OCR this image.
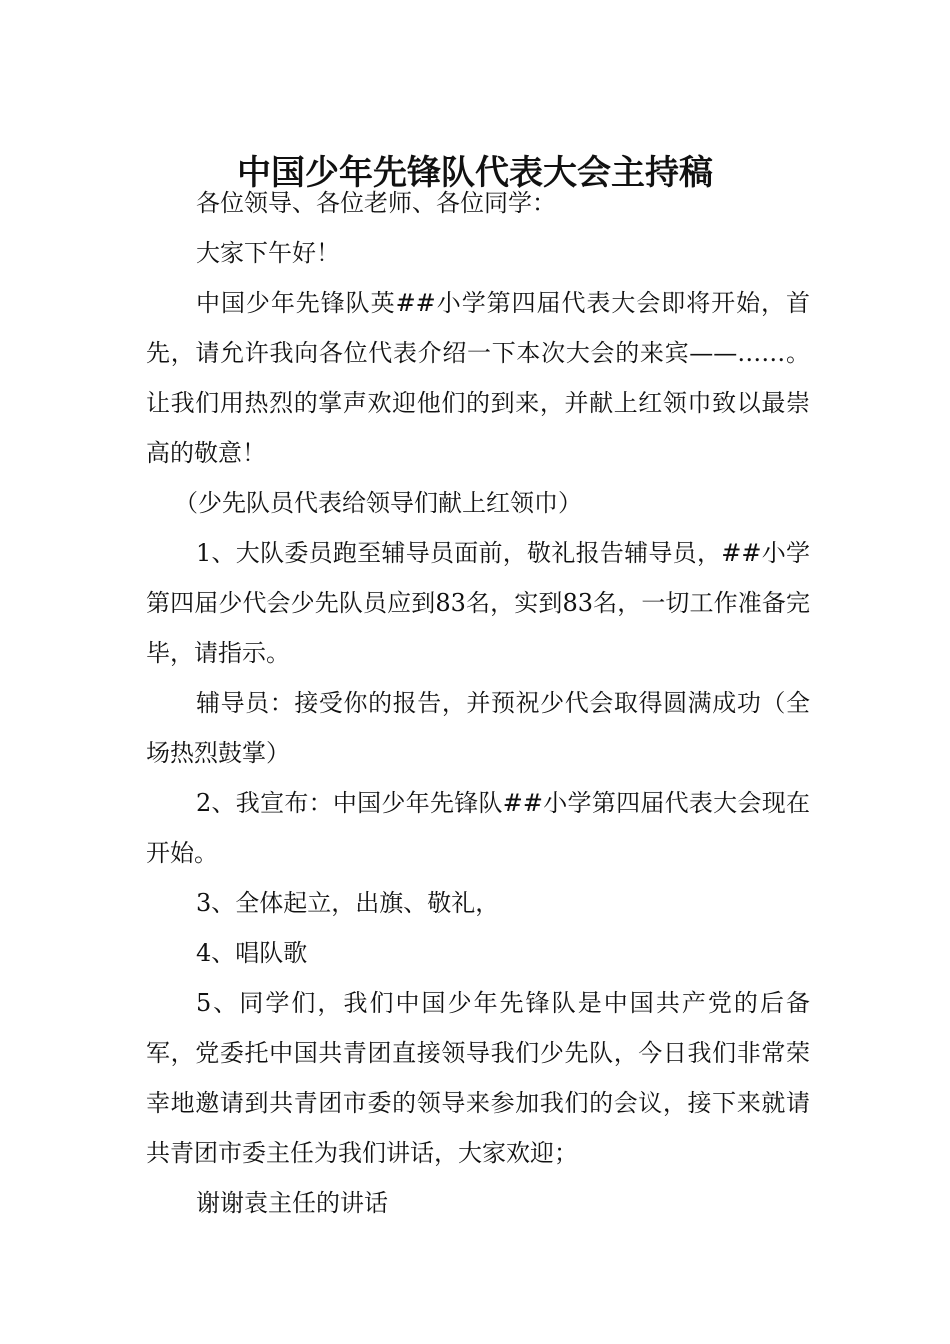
中国少年先锋队代表大会主持稿

各位领导、各位老师、各位同学：

大家下午好！

中国少年先锋队英##小学第四届代表大会即将开始，首先，请允许我向各位代表介绍一下本次大会的来宾——……。让我们用热烈的掌声欢迎他们的到来，并献上红领巾致以最崇高的敬意！

（少先队员代表给领导们献上红领巾）

1、大队委员跑至辅导员面前，敬礼报告辅导员，##小学第四届少代会少先队员应到83名，实到83名，一切工作准备完毕，请指示。

辅导员：接受你的报告，并预祝少代会取得圆满成功（全场热烈鼓掌）

2、我宣布：中国少年先锋队##小学第四届代表大会现在开始。

3、全体起立，出旗、敬礼，

4、唱队歌

5、同学们，我们中国少年先锋队是中国共产党的后备军，党委托中国共青团直接领导我们少先队，今日我们非常荣幸地邀请到共青团市委的领导来参加我们的会议，接下来就请共青团市委主任为我们讲话，大家欢迎；

谢谢袁主任的讲话
